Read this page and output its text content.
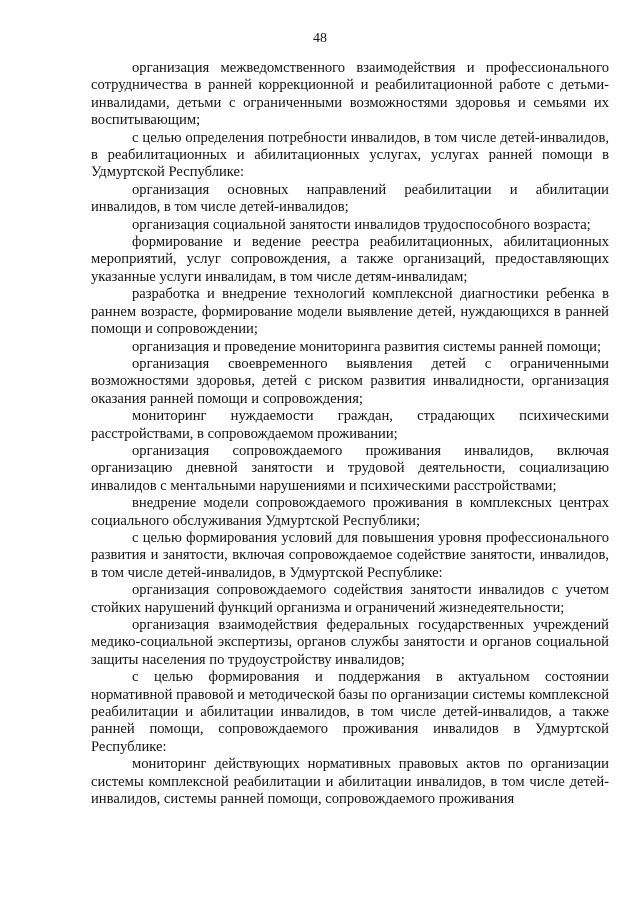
48

организация межведомственного взаимодействия и профессионального сотрудничества в ранней коррекционной и реабилитационной работе с детьми-инвалидами, детьми с ограниченными возможностями здоровья и семьями их воспитывающим;

с целью определения потребности инвалидов, в том числе детей-инвалидов, в реабилитационных и абилитационных услугах, услугах ранней помощи в Удмуртской Республике:

организация основных направлений реабилитации и абилитации инвалидов, в том числе детей-инвалидов;

организация социальной занятости инвалидов трудоспособного возраста;

формирование и ведение реестра реабилитационных, абилитационных мероприятий, услуг сопровождения, а также организаций, предоставляющих указанные услуги инвалидам, в том числе детям-инвалидам;

разработка и внедрение технологий комплексной диагностики ребенка в раннем возрасте, формирование модели выявление детей, нуждающихся в ранней помощи и сопровождении;

организация и проведение мониторинга развития системы ранней помощи;

организация своевременного выявления детей с ограниченными возможностями здоровья, детей с риском развития инвалидности, организация оказания ранней помощи и сопровождения;

мониторинг нуждаемости граждан, страдающих психическими расстройствами, в сопровождаемом проживании;

организация сопровождаемого проживания инвалидов, включая организацию дневной занятости и трудовой деятельности, социализацию инвалидов с ментальными нарушениями и психическими расстройствами;

внедрение модели сопровождаемого проживания в комплексных центрах социального обслуживания Удмуртской Республики;

с целью формирования условий для повышения уровня профессионального развития и занятости, включая сопровождаемое содействие занятости, инвалидов, в том числе детей-инвалидов, в Удмуртской Республике:

организация сопровождаемого содействия занятости инвалидов с учетом стойких нарушений функций организма и ограничений жизнедеятельности;

организация взаимодействия федеральных государственных учреждений медико-социальной экспертизы, органов службы занятости и органов социальной защиты населения по трудоустройству инвалидов;

с целью формирования и поддержания в актуальном состоянии нормативной правовой и методической базы по организации системы комплексной реабилитации и абилитации инвалидов, в том числе детей-инвалидов, а также ранней помощи, сопровождаемого проживания инвалидов в Удмуртской Республике:

мониторинг действующих нормативных правовых актов по организации системы комплексной реабилитации и абилитации инвалидов, в том числе детей-инвалидов, системы ранней помощи, сопровождаемого проживания
